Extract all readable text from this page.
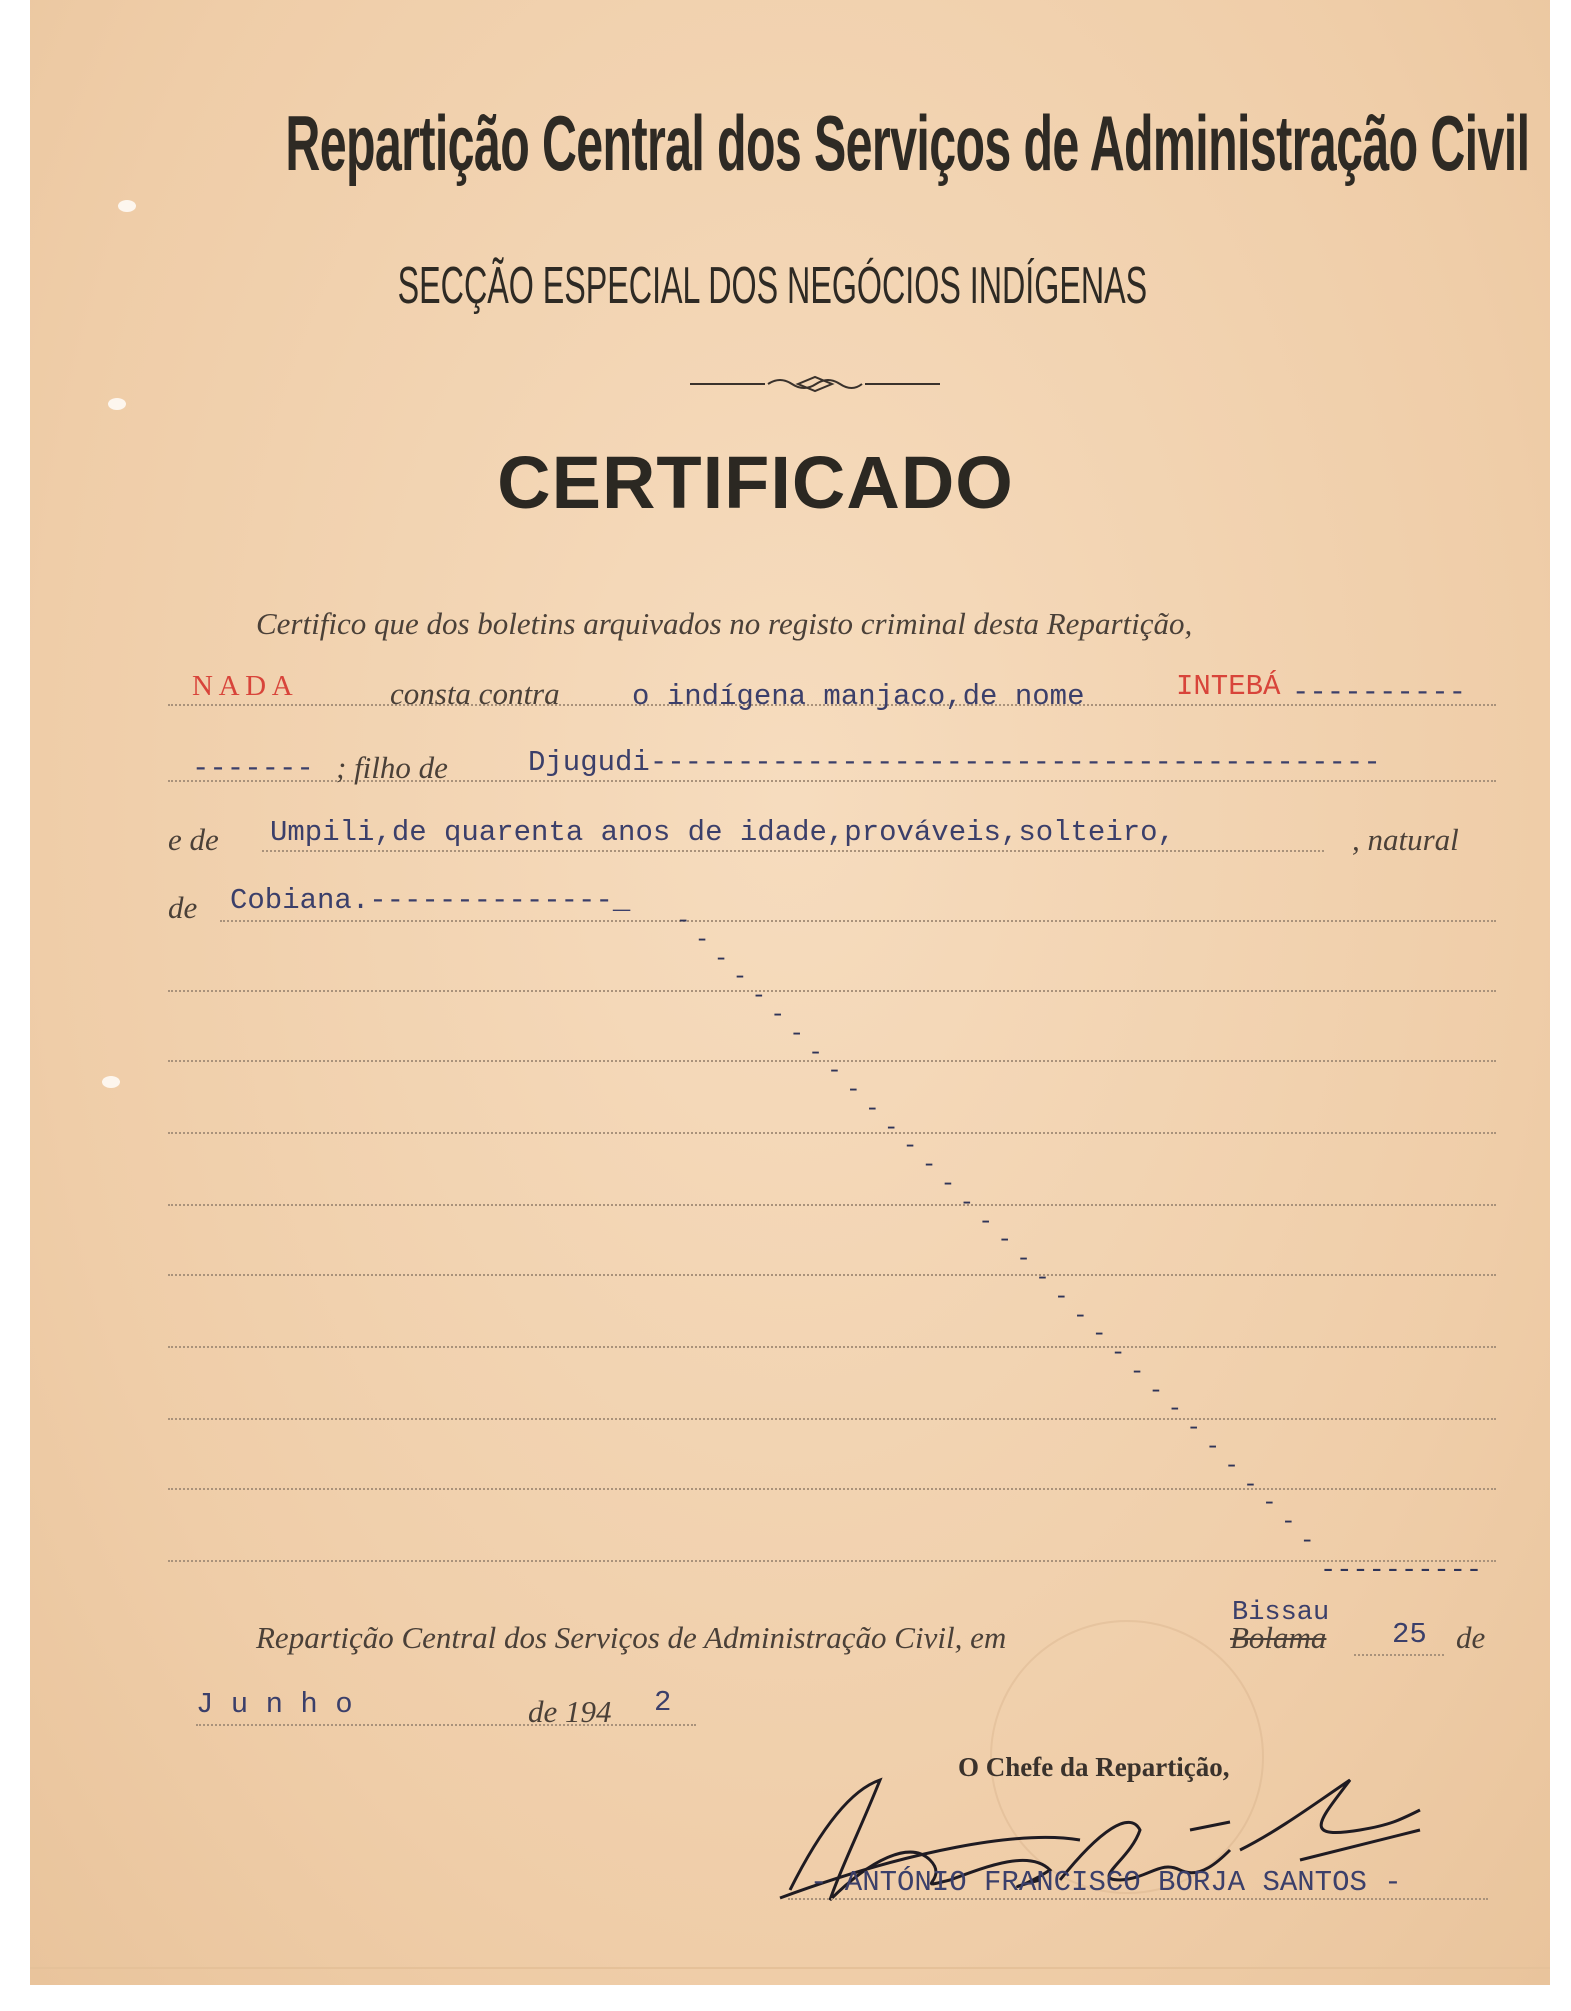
Repartição Central dos Serviços de Administração Civil
SECÇÃO ESPECIAL DOS NEGÓCIOS INDÍGENAS
CERTIFICADO
Certifico que dos boletins arquivados no registo criminal desta Repartição,
N A D A	consta contra o indígena manjaco,de nome	INTEBÁ ----------
------- ; filho de	Djugudi------------------------------------------
e de Umpili,de quarenta anos de idade,prováveis,solteiro,	, natural
de Cobiana.--------------_
-
-
-
-
-
-
-
-
-
-
-
-
-
-
-
-
-
-
-
-
-
-
-
-
-
-
-
-
-
-
-
-
-
-
----------
Repartição Central dos Serviços de Administração Civil, em
Bissau
Bolama 25 de
J u n h o	de 194 2
O Chefe da Repartição,
- ANTÓNIO FRANCISCO BORJA SANTOS -
